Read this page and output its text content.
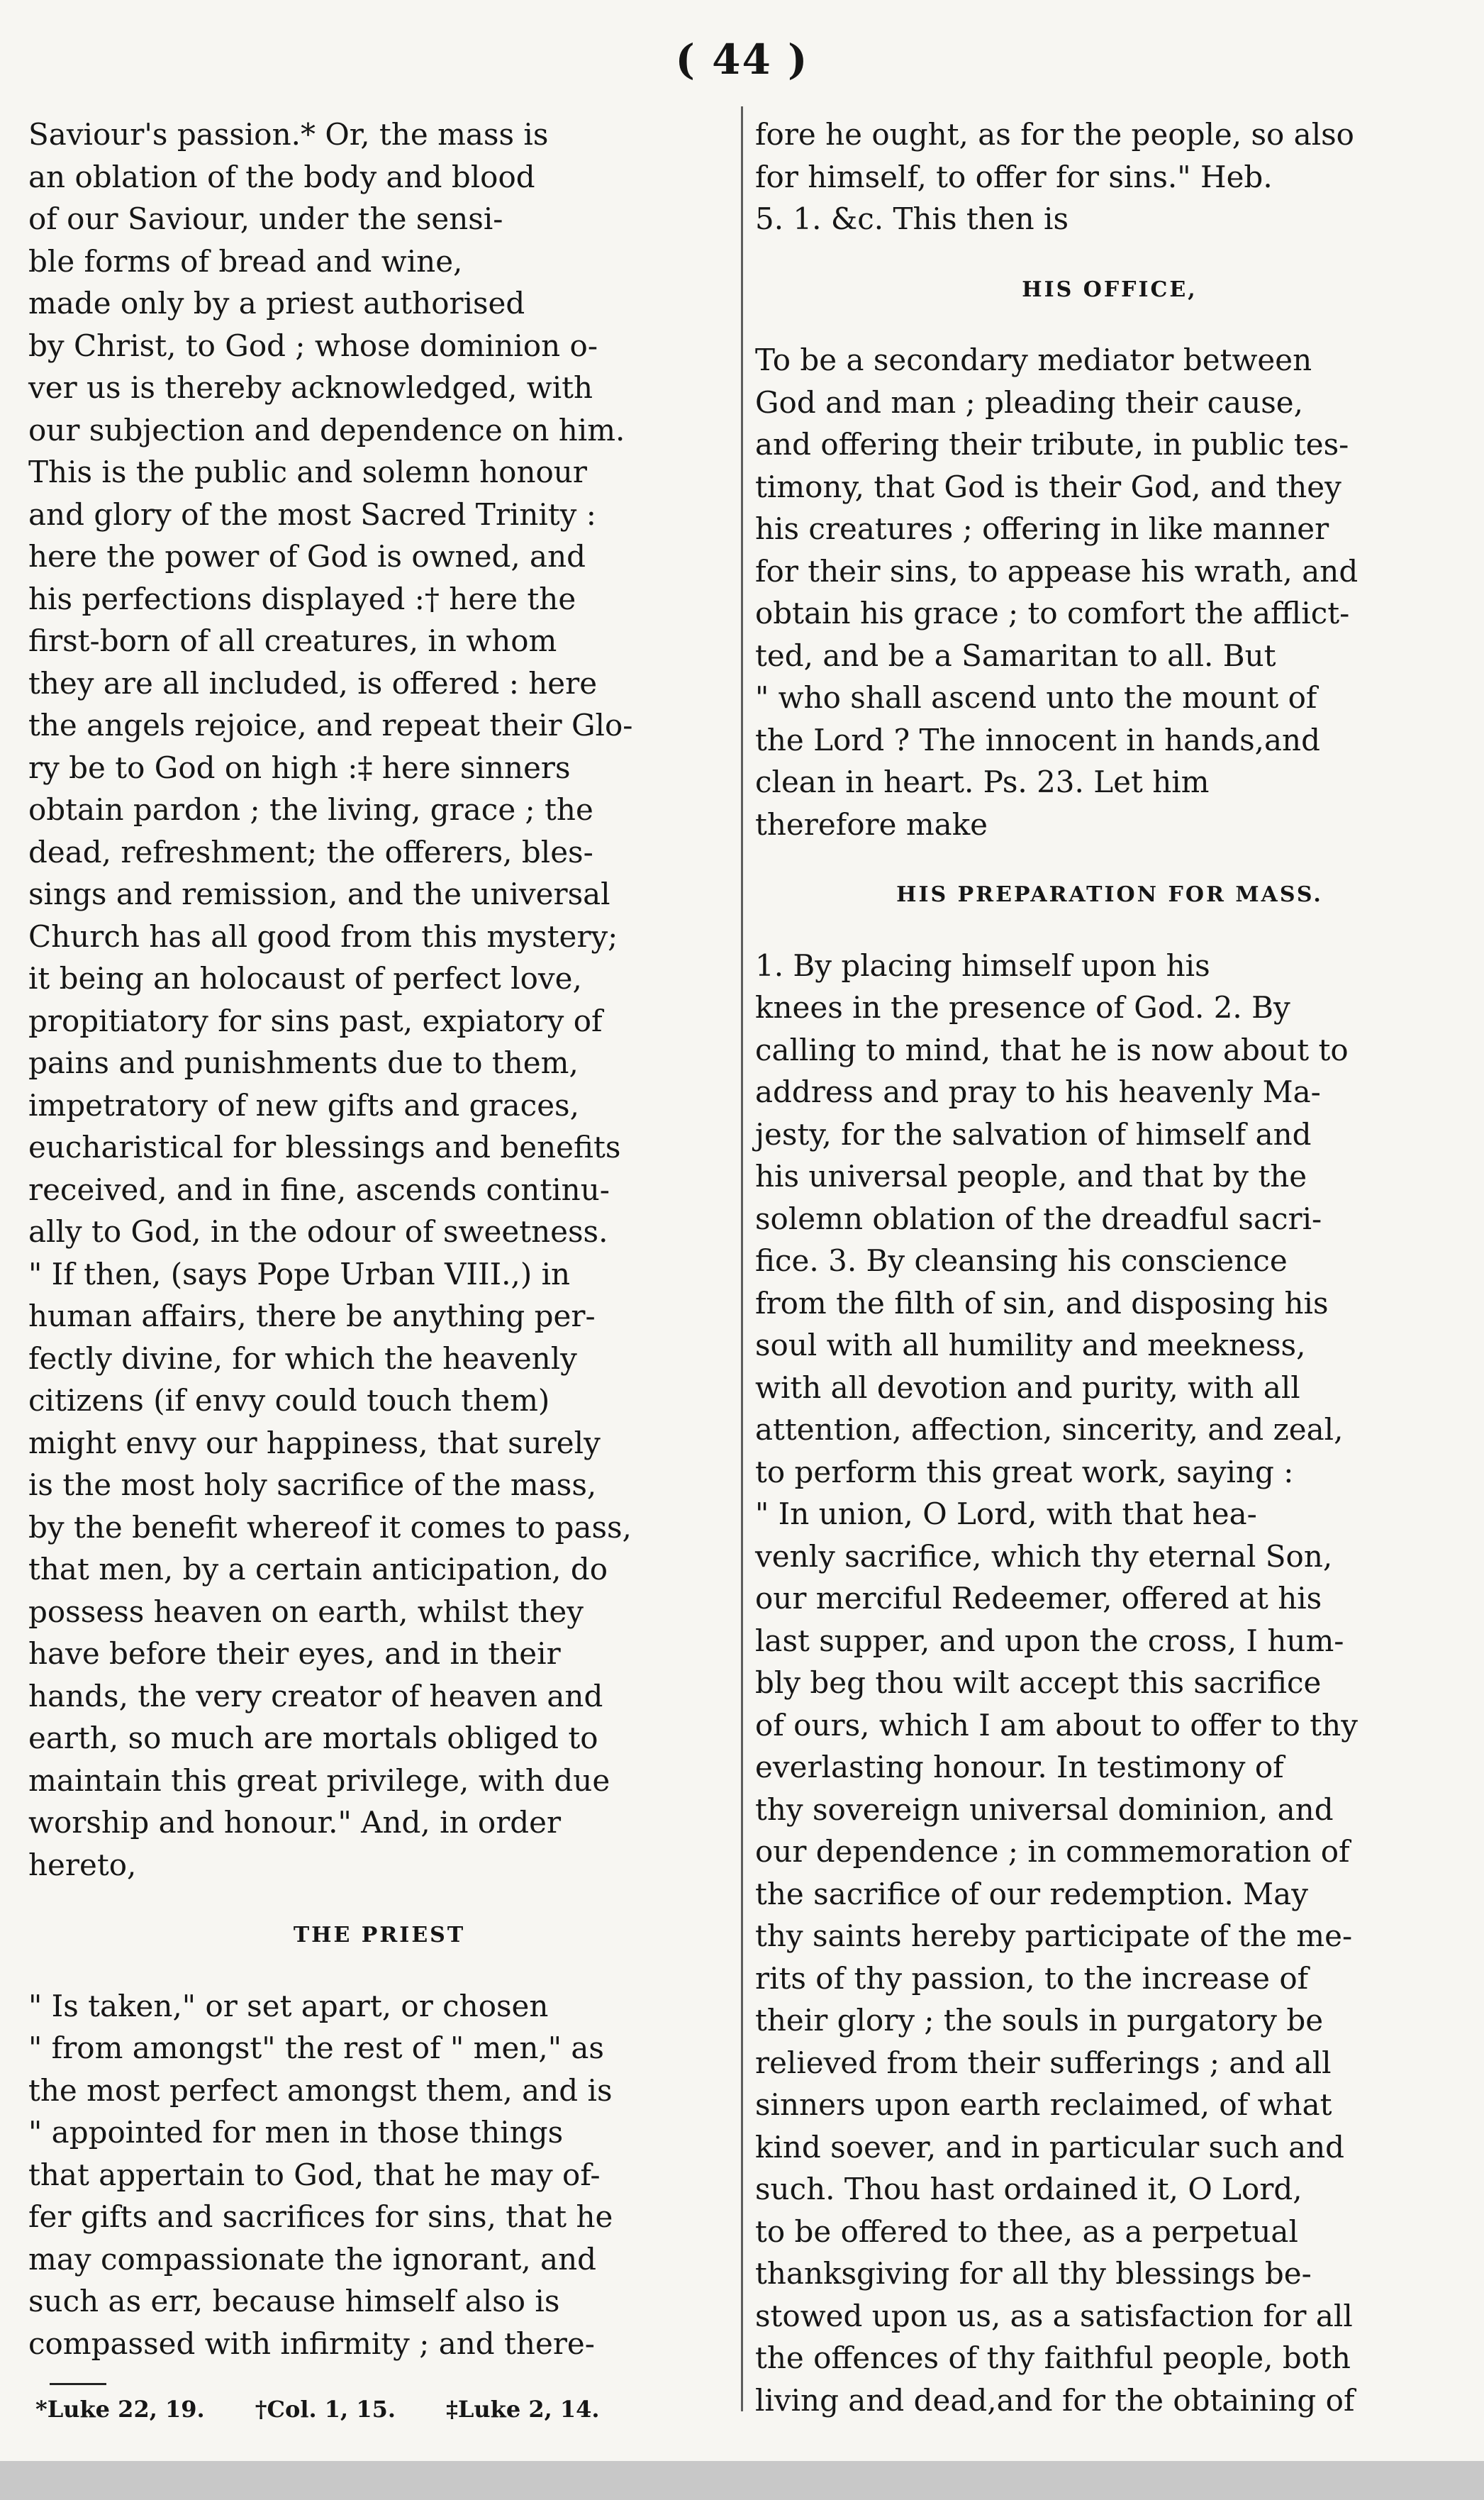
( 44 )
Saviour's passion.* Or, the mass is
an oblation of the body and blood
of our Saviour, under the sensi-
ble forms of bread and wine,
made only by a priest authorised
by Christ, to God ; whose dominion o-
ver us is thereby acknowledged, with
our subjection and dependence on him.
This is the public and solemn honour
and glory of the most Sacred Trinity :
here the power of God is owned, and
his perfections displayed :† here the
first-born of all creatures, in whom
they are all included, is offered : here
the angels rejoice, and repeat their Glo-
ry be to God on high :‡ here sinners
obtain pardon ; the living, grace ; the
dead, refreshment; the offerers, bles-
sings and remission, and the universal
Church has all good from this mystery;
it being an holocaust of perfect love,
propitiatory for sins past, expiatory of
pains and punishments due to them,
impetratory of new gifts and graces,
eucharistical for blessings and benefits
received, and in fine, ascends continu-
ally to God, in the odour of sweetness.
" If then, (says Pope Urban VIII.,) in
human affairs, there be anything per-
fectly divine, for which the heavenly
citizens (if envy could touch them)
might envy our happiness, that surely
is the most holy sacrifice of the mass,
by the benefit whereof it comes to pass,
that men, by a certain anticipation, do
possess heaven on earth, whilst they
have before their eyes, and in their
hands, the very creator of heaven and
earth, so much are mortals obliged to
maintain this great privilege, with due
worship and honour." And, in order
hereto,
THE PRIEST
" Is taken," or set apart, or chosen
" from amongst" the rest of " men," as
the most perfect amongst them, and is
" appointed for men in those things
that appertain to God, that he may of-
fer gifts and sacrifices for sins, that he
may compassionate the ignorant, and
such as err, because himself also is
compassed with infirmity ; and there-
*Luke 22, 19. †Col. 1, 15. ‡Luke 2, 14.
fore he ought, as for the people, so also
for himself, to offer for sins." Heb.
5. 1. &c. This then is
HIS OFFICE,
To be a secondary mediator between
God and man ; pleading their cause,
and offering their tribute, in public tes-
timony, that God is their God, and they
his creatures ; offering in like manner
for their sins, to appease his wrath, and
obtain his grace ; to comfort the afflict-
ted, and be a Samaritan to all. But
" who shall ascend unto the mount of
the Lord ? The innocent in hands,and
clean in heart. Ps. 23. Let him
therefore make
HIS PREPARATION FOR MASS.
1. By placing himself upon his
knees in the presence of God. 2. By
calling to mind, that he is now about to
address and pray to his heavenly Ma-
jesty, for the salvation of himself and
his universal people, and that by the
solemn oblation of the dreadful sacri-
fice. 3. By cleansing his conscience
from the filth of sin, and disposing his
soul with all humility and meekness,
with all devotion and purity, with all
attention, affection, sincerity, and zeal,
to perform this great work, saying :
" In union, O Lord, with that hea-
venly sacrifice, which thy eternal Son,
our merciful Redeemer, offered at his
last supper, and upon the cross, I hum-
bly beg thou wilt accept this sacrifice
of ours, which I am about to offer to thy
everlasting honour. In testimony of
thy sovereign universal dominion, and
our dependence ; in commemoration of
the sacrifice of our redemption. May
thy saints hereby participate of the me-
rits of thy passion, to the increase of
their glory ; the souls in purgatory be
relieved from their sufferings ; and all
sinners upon earth reclaimed, of what
kind soever, and in particular such and
such. Thou hast ordained it, O Lord,
to be offered to thee, as a perpetual
thanksgiving for all thy blessings be-
stowed upon us, as a satisfaction for all
the offences of thy faithful people, both
living and dead,and for the obtaining of
